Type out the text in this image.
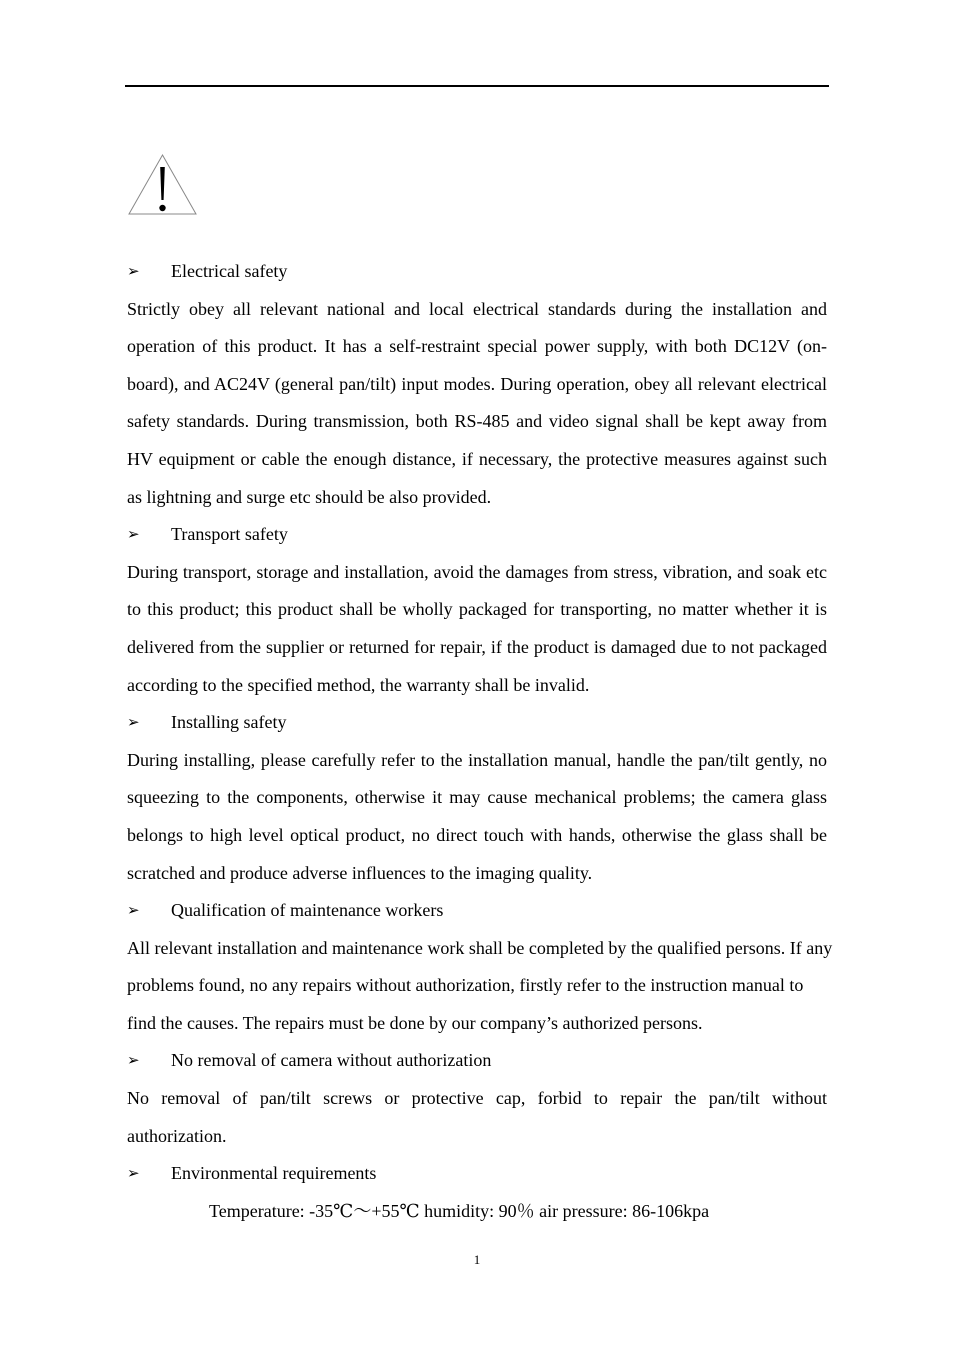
➢	Electrical safety

Strictly obey all relevant national and local electrical standards during the installation and operation of this product. It has a self-restraint special power supply, with both DC12V (on-board), and AC24V (general pan/tilt) input modes. During operation, obey all relevant electrical safety standards. During transmission, both RS-485 and video signal shall be kept away from HV equipment or cable the enough distance, if necessary, the protective measures against such as lightning and surge etc should be also provided.

➢	Transport safety

During transport, storage and installation, avoid the damages from stress, vibration, and soak etc to this product; this product shall be wholly packaged for transporting, no matter whether it is delivered from the supplier or returned for repair, if the product is damaged due to not packaged according to the specified method, the warranty shall be invalid.

➢	Installing safety

During installing, please carefully refer to the installation manual, handle the pan/tilt gently, no squeezing to the components, otherwise it may cause mechanical problems; the camera glass belongs to high level optical product, no direct touch with hands, otherwise the glass shall be scratched and produce adverse influences to the imaging quality.

➢	Qualification of maintenance workers

All relevant installation and maintenance work shall be completed by the qualified persons. If any problems found, no any repairs without authorization, firstly refer to the instruction manual to find the causes. The repairs must be done by our company’s authorized persons.

➢	No removal of camera without authorization

No removal of pan/tilt screws or protective cap, forbid to repair the pan/tilt without authorization.

➢	Environmental requirements

Temperature: -35℃～+55℃ humidity: 90％ air pressure: 86-106kpa

1
